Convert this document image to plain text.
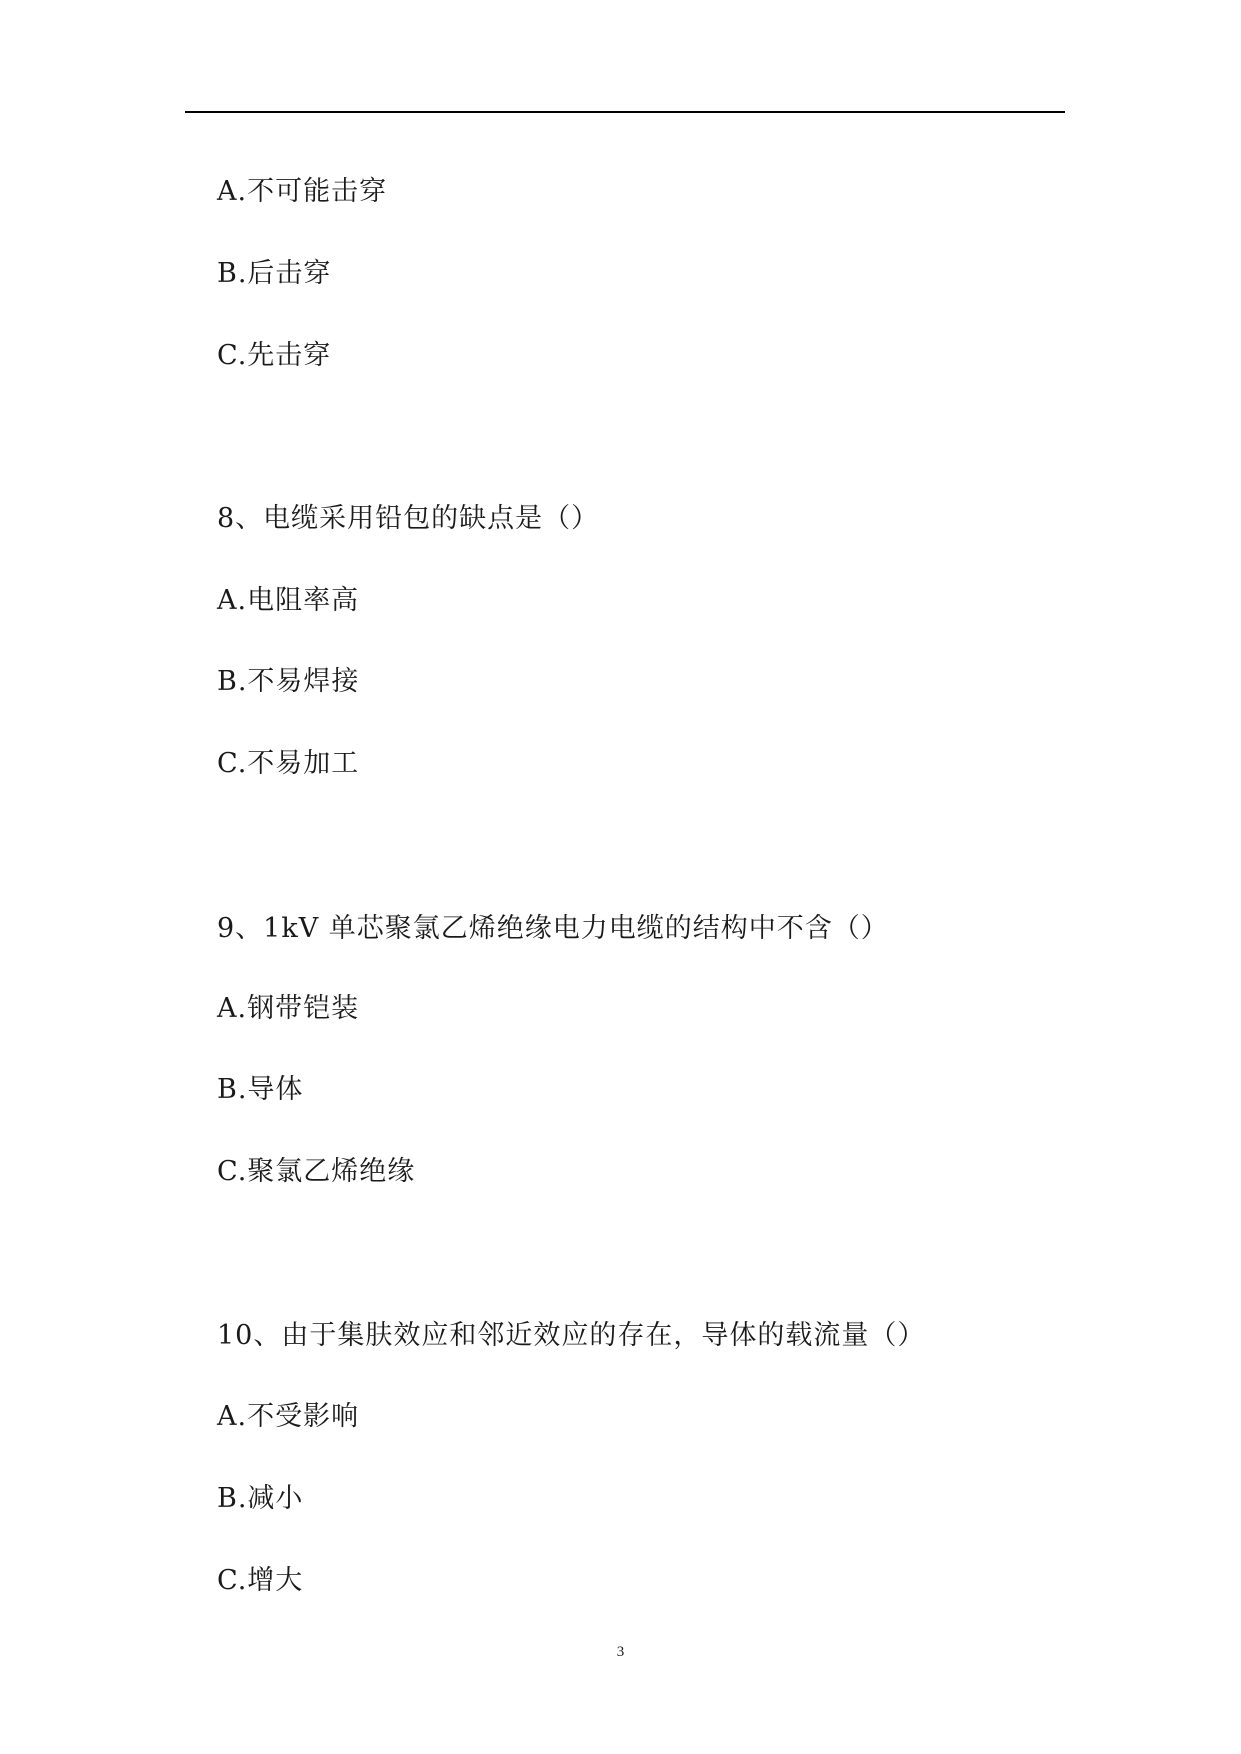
A.不可能击穿
B.后击穿
C.先击穿
8、电缆采用铅包的缺点是（）
A.电阻率高
B.不易焊接
C.不易加工
9、1kV 单芯聚氯乙烯绝缘电力电缆的结构中不含（）
A.钢带铠装
B.导体
C.聚氯乙烯绝缘
10、由于集肤效应和邻近效应的存在，导体的载流量（）
A.不受影响
B.减小
C.增大
3
